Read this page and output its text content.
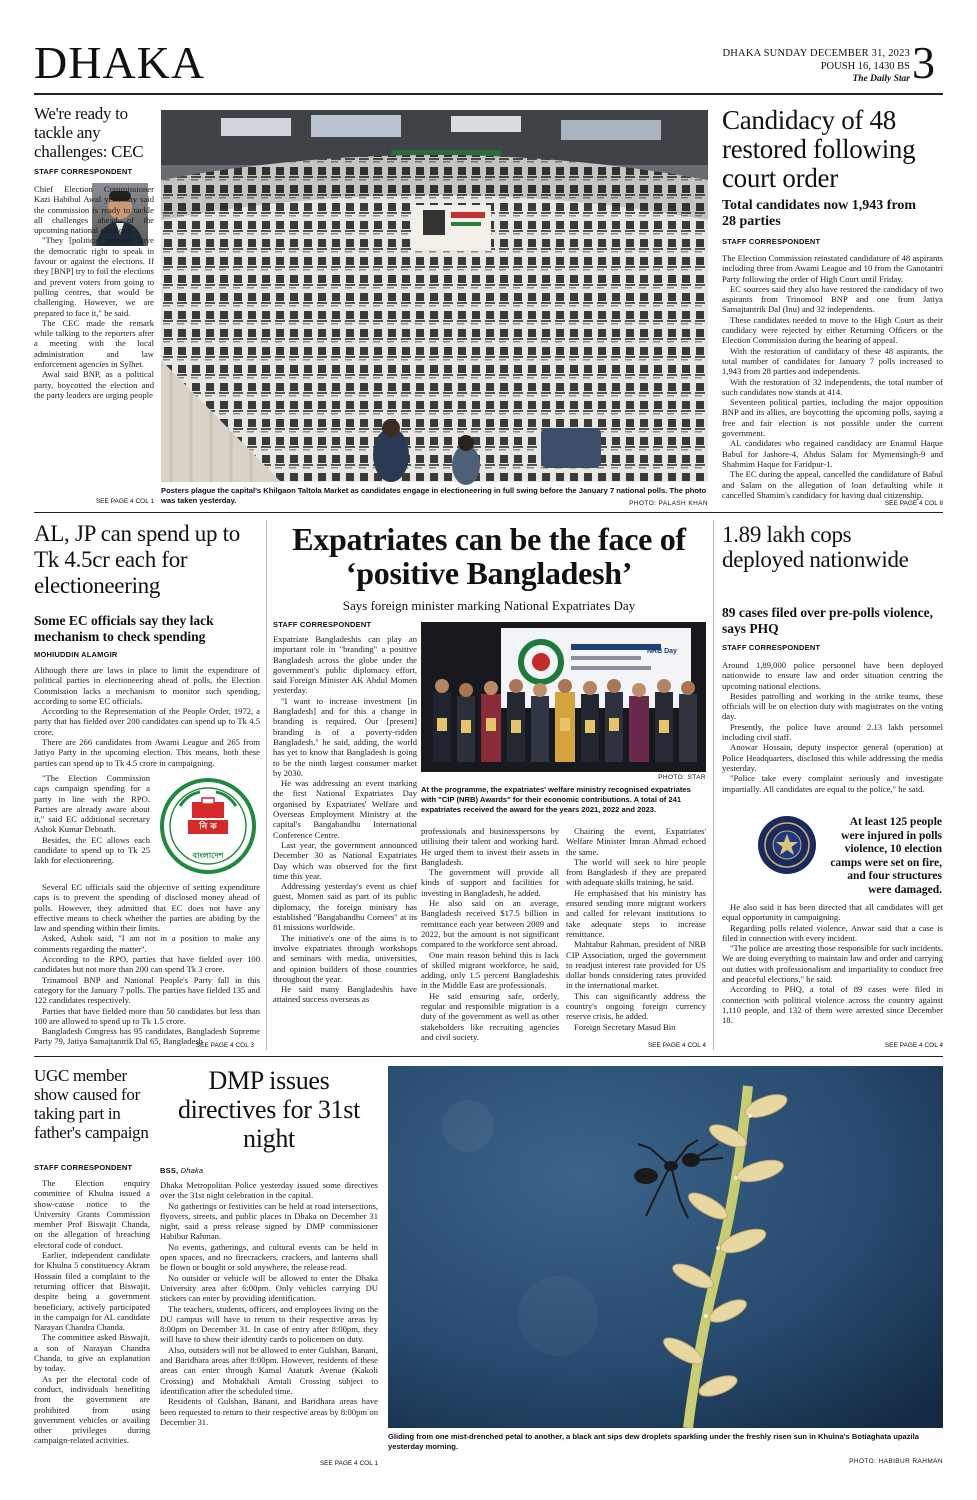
DHAKA	DHAKA SUNDAY DECEMBER 31, 2023
POUSH 16, 1430 BS
The Daily Star 3
We're ready to tackle any challenges: CEC
STAFF CORRESPONDENT

Chief Election Commissioner Kazi Habibul Awal yesterday said the commission is ready to tackle all challenges ahead of the upcoming national elections.

"They [political parties] have the democratic right to speak in favour or against the elections. If they [BNP] try to foil the elections and prevent voters from going to polling centres, that would be challenging. However, we are prepared to face it," he said.

The CEC made the remark while talking to the reporters after a meeting with the local administration and law enforcement agencies in Sylhet.

Awal said BNP, as a political party, boycotted the election and the party leaders are urging people

SEE PAGE 4 COL 1
Posters plague the capital's Khilgaon Taltola Market as candidates engage in electioneering in full swing before the January 7 national polls. The photo was taken yesterday.	PHOTO: PALASH KHAN
Candidacy of 48 restored following court order
Total candidates now 1,943 from 28 parties
STAFF CORRESPONDENT

The Election Commission reinstated candidature of 48 aspirants including three from Awami League and 10 from the Ganotantri Party following the order of High Court until Friday.

EC sources said they also have restored the candidacy of two aspirants from Trinomool BNP and one from Jatiya Samajtantrik Dal (Inu) and 32 independents.

These candidates needed to move to the High Court as their candidacy were rejected by either Returning Officers or the Election Commission during the hearing of appeal.

With the restoration of candidacy of these 48 aspirants, the total number of candidates for January 7 polls increased to 1,943 from 28 parties and independents.

With the restoration of 32 independents, the total number of such candidates now stands at 414.

Seventeen political parties, including the major opposition BNP and its allies, are boycotting the upcoming polls, saying a free and fair election is not possible under the current government.

AL candidates who regained candidacy are Enamul Haque Babul for Jashore-4, Abdus Salam for Mymensingh-9 and Shahmim Haque for Faridpur-1.

The EC during the appeal, cancelled the candidature of Babul and Salam on the allegation of loan defaulting while it cancelled Shamim's candidacy for having dual citizenship.

SEE PAGE 4 COL 8
AL, JP can spend up to Tk 4.5cr each for electioneering
Some EC officials say they lack mechanism to check spending
MOHIUDDIN ALAMGIR

Although there are laws in place to limit the expenditure of political parties in electioneering ahead of polls, the Election Commission lacks a mechanism to monitor such spending, according to some EC officials.

According to the Representation of the People Order, 1972, a party that has fielded over 200 candidates can spend up to Tk 4.5 crore.

There are 266 candidates from Awami League and 265 from Jatiyo Party in the upcoming election. This means, both these parties can spend up to Tk 4.5 crore in campaigning.

"The Election Commission caps campaign spending for a party in line with the RPO. Parties are already aware about it," said EC additional secretary Ashok Kumar Debnath.

Besides, the EC allows each candidate to spend up to Tk 25 lakh for electioneering.

নি ক
বাংলাদেশ

Several EC officials said the objective of setting expenditure caps is to prevent the spending of disclosed money ahead of polls. However, they admitted that EC does not have any effective means to check whether the parties are abiding by the law and spending within their limits.

Asked, Ashok said, "I am not in a position to make any comments regarding the matter".

According to the RPO, parties that have fielded over 100 candidates but not more than 200 can spend Tk 3 crore.

Trinamool BNP and National People's Party fall in this category for the January 7 polls. The parties have fielded 135 and 122 candidates respectively.

Parties that have fielded more than 50 candidates but less than 100 are allowed to spend up to Tk 1.5 crore.

Bangladesh Congress has 95 candidates, Bangladesh Supreme Party 79, Jatiya Samajtantrik Dal 65, Bangladesh

SEE PAGE 4 COL 3
Expatriates can be the face of ‘positive Bangladesh’
Says foreign minister marking National Expatriates Day
STAFF CORRESPONDENT

Expatriate Bangladeshis can play an important role in "branding" a positive Bangladesh across the globe under the government's public diplomacy effort, said Foreign Minister AK Abdul Momen yesterday.

"I want to increase investment [in Bangladesh] and for this a change in branding is required. Our [present] branding is of a poverty-ridden Bangladesh," he said, adding, the world has yet to know that Bangladesh is going to be the ninth largest consumer market by 2030.

He was addressing an event marking the first National Expatriates Day organised by Expatriates' Welfare and Overseas Employment Ministry at the capital's Bangabandhu International Conference Centre.

Last year, the government announced December 30 as National Expatriates Day which was observed for the first time this year.

Addressing yesterday's event as chief guest, Momen said as part of its public diplomacy, the foreign ministry has established "Bangabandhu Corners" at its 81 missions worldwide.

The initiative's one of the aims is to involve expatriates through workshops and seminars with media, universities, and opinion builders of those countries throughout the year.

He said many Bangladeshis have attained success overseas as

NRB Day
PHOTO: STAR
At the programme, the expatriates' welfare ministry recognised expatriates with "CIP (NRB) Awards" for their economic contributions. A total of 241 expatriates received the award for the years 2021, 2022 and 2023.

professionals and businesspersons by utilising their talent and working hard. He urged them to invest their assets in Bangladesh.

The government will provide all kinds of support and facilities for investing in Bangladesh, he added.

He also said on an average, Bangladesh received $17.5 billion in remittance each year between 2009 and 2022, but the amount is not significant compared to the workforce sent abroad.

One main reason behind this is lack of skilled migrant workforce, he said, adding, only 1.5 percent Bangladeshis in the Middle East are professionals.

He said ensuring safe, orderly, regular and responsible migration is a duty of the government as well as other stakeholders like recruiting agencies and civil society.

Chairing the event, Expatriates' Welfare Minister Imran Ahmad echoed the same.

The world will seek to hire people from Bangladesh if they are prepared with adequate skills training, he said.

He emphasised that his ministry has ensured sending more migrant workers and called for relevant institutions to take adequate steps to increase remittance.

Mahtabur Rahman, president of NRB CIP Association, urged the government to readjust interest rate provided for US dollar bonds considering rates provided in the international market.

This can significantly address the country's ongoing foreign currency reserve crisis, he added.

Foreign Secretary Masud Bin

SEE PAGE 4 COL 4
1.89 lakh cops deployed nationwide
89 cases filed over pre-polls violence, says PHQ
STAFF CORRESPONDENT

Around 1,89,000 police personnel have been deployed nationwide to ensure law and order situation centring the upcoming national elections.

Besides patrolling and working in the strike teams, these officials will be on election duty with magistrates on the voting day.

Presently, the police have around 2.13 lakh personnel including civil staff.

Anowar Hossain, deputy inspector general (operation) at Police Headquarters, disclosed this while addressing the media yesterday.

"Police take every complaint seriously and investigate impartially. All candidates are equal to the police," he said.

At least 125 people were injured in polls violence, 10 election camps were set on fire, and four structures were damaged.

He also said it has been directed that all candidates will get equal opportunity in campaigning.

Regarding polls related violence, Anwar said that a case is filed in connection with every incident.

"The police are arresting those responsible for such incidents. We are doing everything to maintain law and order and carrying out duties with professionalism and impartiality to conduct free and peaceful elections," he said.

According to PHQ, a total of 89 cases were filed in connection with political violence across the country against 1,110 people, and 132 of them were arrested since December 18.

SEE PAGE 4 COL 4
UGC member show caused for taking part in father's campaign
STAFF CORRESPONDENT

The Election enquiry committee of Khulna issued a show-cause notice to the University Grants Commission member Prof Biswajit Chanda, on the allegation of breaching electoral code of conduct.

Earlier, independent candidate for Khulna 5 constituency Akram Hossain filed a complaint to the returning officer that Biswajit, despite being a government beneficiary, actively participated in the campaign for AL candidate Narayan Chandra Chanda.

The committee asked Biswajit, a son of Narayan Chandra Chanda, to give an explanation by today.

As per the electoral code of conduct, individuals benefiting from the government are prohibited from using government vehicles or availing other privileges during campaign-related activities.

DMP issues directives for 31st night
BSS, Dhaka

Dhaka Metropolitan Police yesterday issued some directives over the 31st night celebration in the capital.

No gatherings or festivities can be held at road intersections, flyovers, streets, and public places in Dhaka on December 31 night, said a press release signed by DMP commissioner Habibur Rahman.

No events, gatherings, and cultural events can be held in open spaces, and no firecrackers, crackers, and lanterns shall be flown or bought or sold anywhere, the release read.

No outsider or vehicle will be allowed to enter the Dhaka University area after 6:00pm. Only vehicles carrying DU stickers can enter by providing identification.

The teachers, students, officers, and employees living on the DU campus will have to return to their respective areas by 8:00pm on December 31. In case of entry after 8:00pm, they will have to show their identity cards to policemen on duty.

Also, outsiders will not be allowed to enter Gulshan, Banani, and Baridhara areas after 8:00pm. However, residents of these areas can enter through Kamal Ataturk Avenue (Kakoli Crossing) and Mohakhali Amtali Crossing subject to identification after the scheduled time.

Residents of Gulshan, Banani, and Baridhara areas have been requested to return to their respective areas by 8:00pm on December 31.

SEE PAGE 4 COL 1
Gliding from one mist-drenched petal to another, a black ant sips dew droplets sparkling under the freshly risen sun in Khulna's Botiaghata upazila yesterday morning.
PHOTO: HABIBUR RAHMAN
